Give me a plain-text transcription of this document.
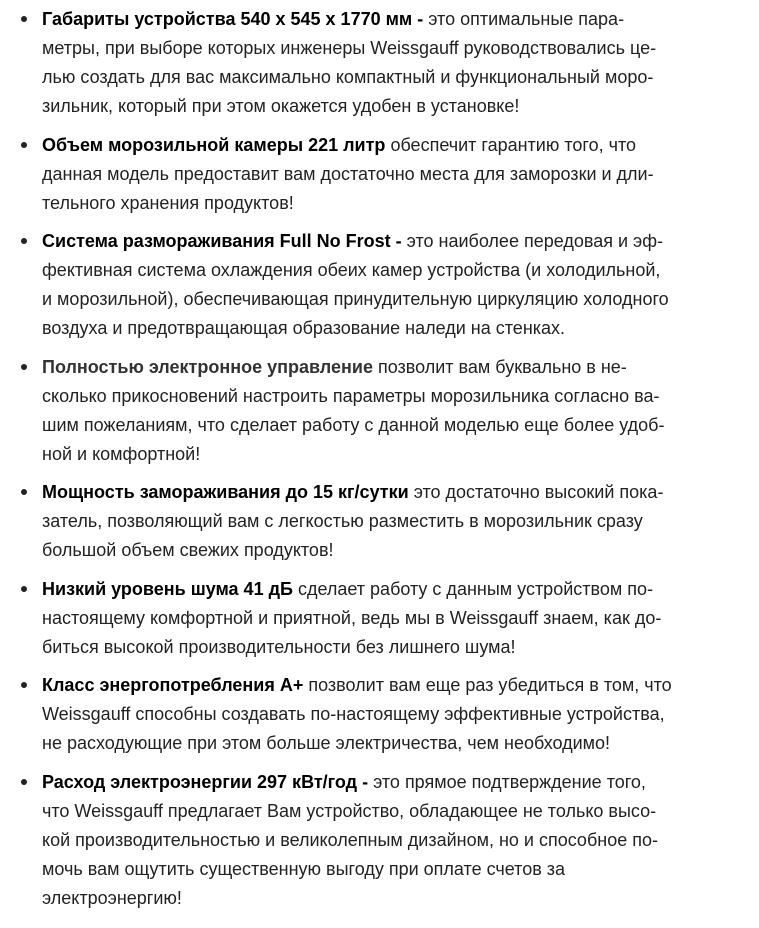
Габариты устройства 540 x 545 x 1770 мм - это оптимальные пара-
метры, при выборе которых инженеры Weissgauff руководствовались це-
лью создать для вас максимально компактный и функциональный моро-
зильник, который при этом окажется удобен в установке!
Объем морозильной камеры 221 литр обеспечит гарантию того, что
данная модель предоставит вам достаточно места для заморозки и дли-
тельного хранения продуктов!
Система размораживания Full No Frost - это наиболее передовая и эф-
фективная система охлаждения обеих камер устройства (и холодильной,
и морозильной), обеспечивающая принудительную циркуляцию холодного
воздуха и предотвращающая образование наледи на стенках.
Полностью электронное управление позволит вам буквально в не-
сколько прикосновений настроить параметры морозильника согласно ва-
шим пожеланиям, что сделает работу с данной моделью еще более удоб-
ной и комфортной!
Мощность замораживания до 15 кг/сутки это достаточно высокий пока-
затель, позволяющий вам с легкостью разместить в морозильник сразу
большой объем свежих продуктов!
Низкий уровень шума 41 дБ сделает работу с данным устройством по-
настоящему комфортной и приятной, ведь мы в Weissgauff знаем, как до-
биться высокой производительности без лишнего шума!
Класс энергопотребления А+ позволит вам еще раз убедиться в том, что
Weissgauff способны создавать по-настоящему эффективные устройства,
не расходующие при этом больше электричества, чем необходимо!
Расход электроэнергии 297 кВт/год - это прямое подтверждение того,
что Weissgauff предлагает Вам устройство, обладающее не только высо-
кой производительностью и великолепным дизайном, но и способное по-
мочь вам ощутить существенную выгоду при оплате счетов за
электроэнергию!
